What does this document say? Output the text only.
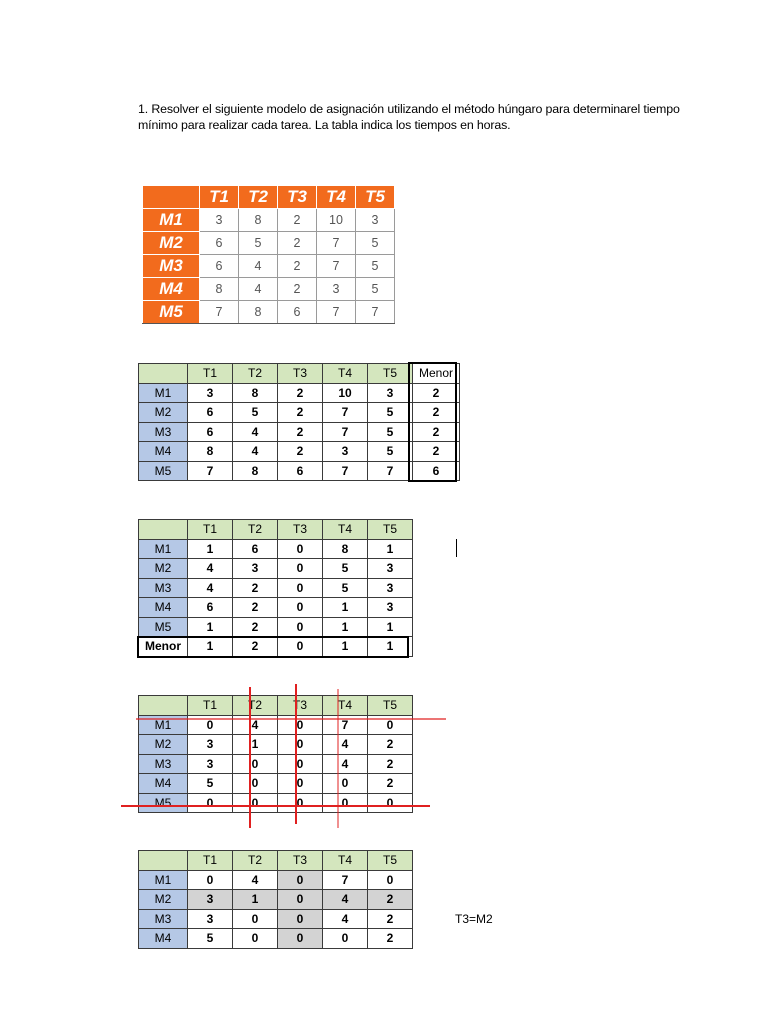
1. Resolver el siguiente modelo de asignación utilizando el método húngaro para determinarel tiempo mínimo para realizar cada tarea. La tabla indica los tiempos en horas.
	T1	T2	T3	T4	T5
M1	3	8	2	10	3
M2	6	5	2	7	5
M3	6	4	2	7	5
M4	8	4	2	3	5
M5	7	8	6	7	7
	T1	T2	T3	T4	T5	Menor
M1	3	8	2	10	3	2
M2	6	5	2	7	5	2
M3	6	4	2	7	5	2
M4	8	4	2	3	5	2
M5	7	8	6	7	7	6
	T1	T2	T3	T4	T5
M1	1	6	0	8	1
M2	4	3	0	5	3
M3	4	2	0	5	3
M4	6	2	0	1	3
M5	1	2	0	1	1
Menor	1	2	0	1	1
	T1	T2	T3	T4	T5
M1	0	4	0	7	0
M2	3	1	0	4	2
M3	3	0	0	4	2
M4	5	0	0	0	2
M5	0	0	0	0	0
	T1	T2	T3	T4	T5
M1	0	4	0	7	0
M2	3	1	0	4	2
M3	3	0	0	4	2
M4	5	0	0	0	2
T3=M2
